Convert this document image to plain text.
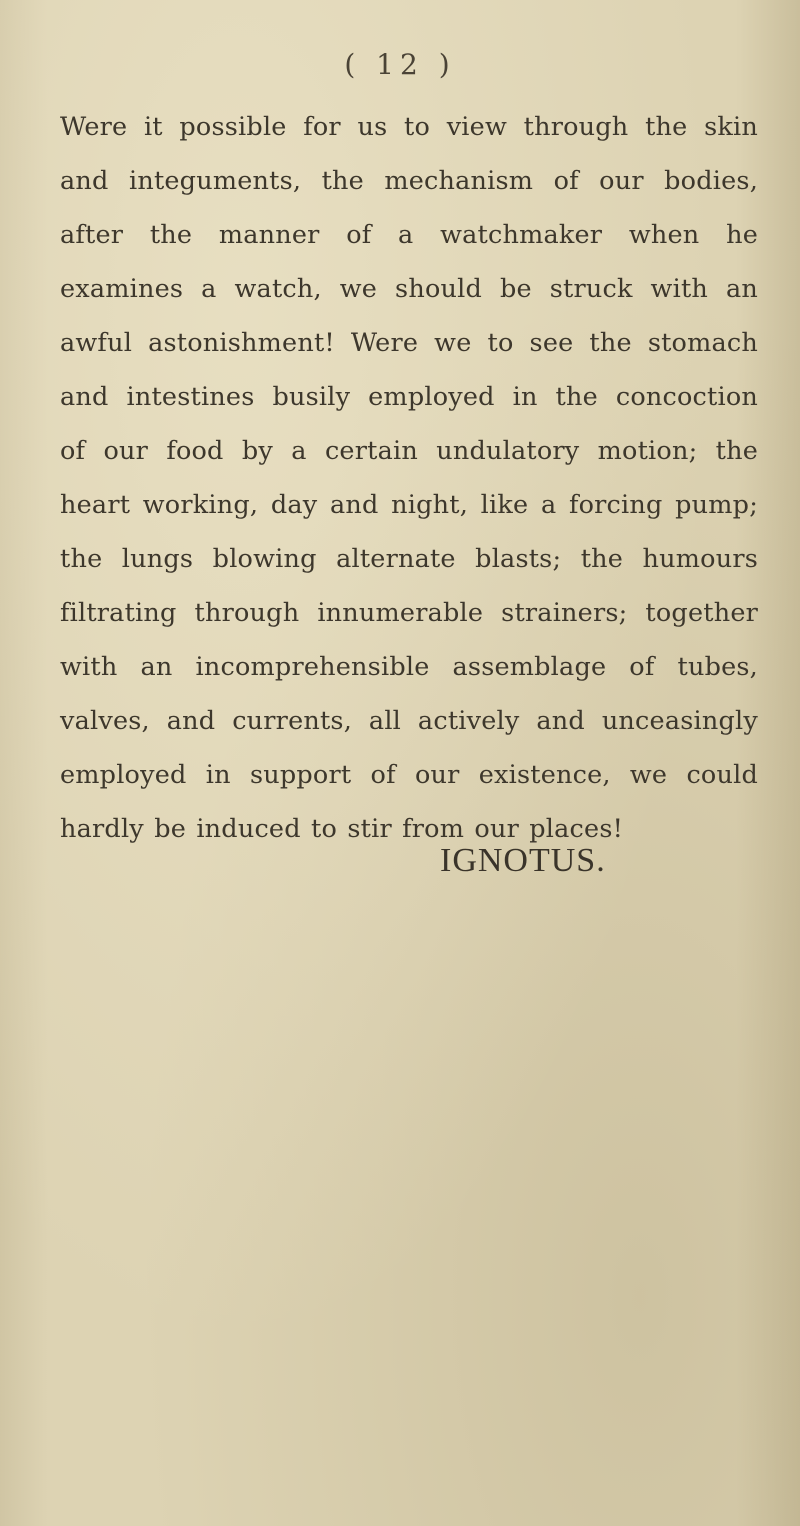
( 12 )

Were it possible for us to view through the skin
and integuments, the mechanism of our bodies,
after the manner of a watchmaker when he
examines a watch, we should be struck with an
awful astonishment! Were we to see the stomach
and intestines busily employed in the concoction
of our food by a certain undulatory motion; the
heart working, day and night, like a forcing pump;
the lungs blowing alternate blasts; the humours
filtrating through innumerable strainers; together
with an incomprehensible assemblage of tubes,
valves, and currents, all actively and unceasingly
employed in support of our existence, we could
hardly be induced to stir from our places!

IGNOTUS.
